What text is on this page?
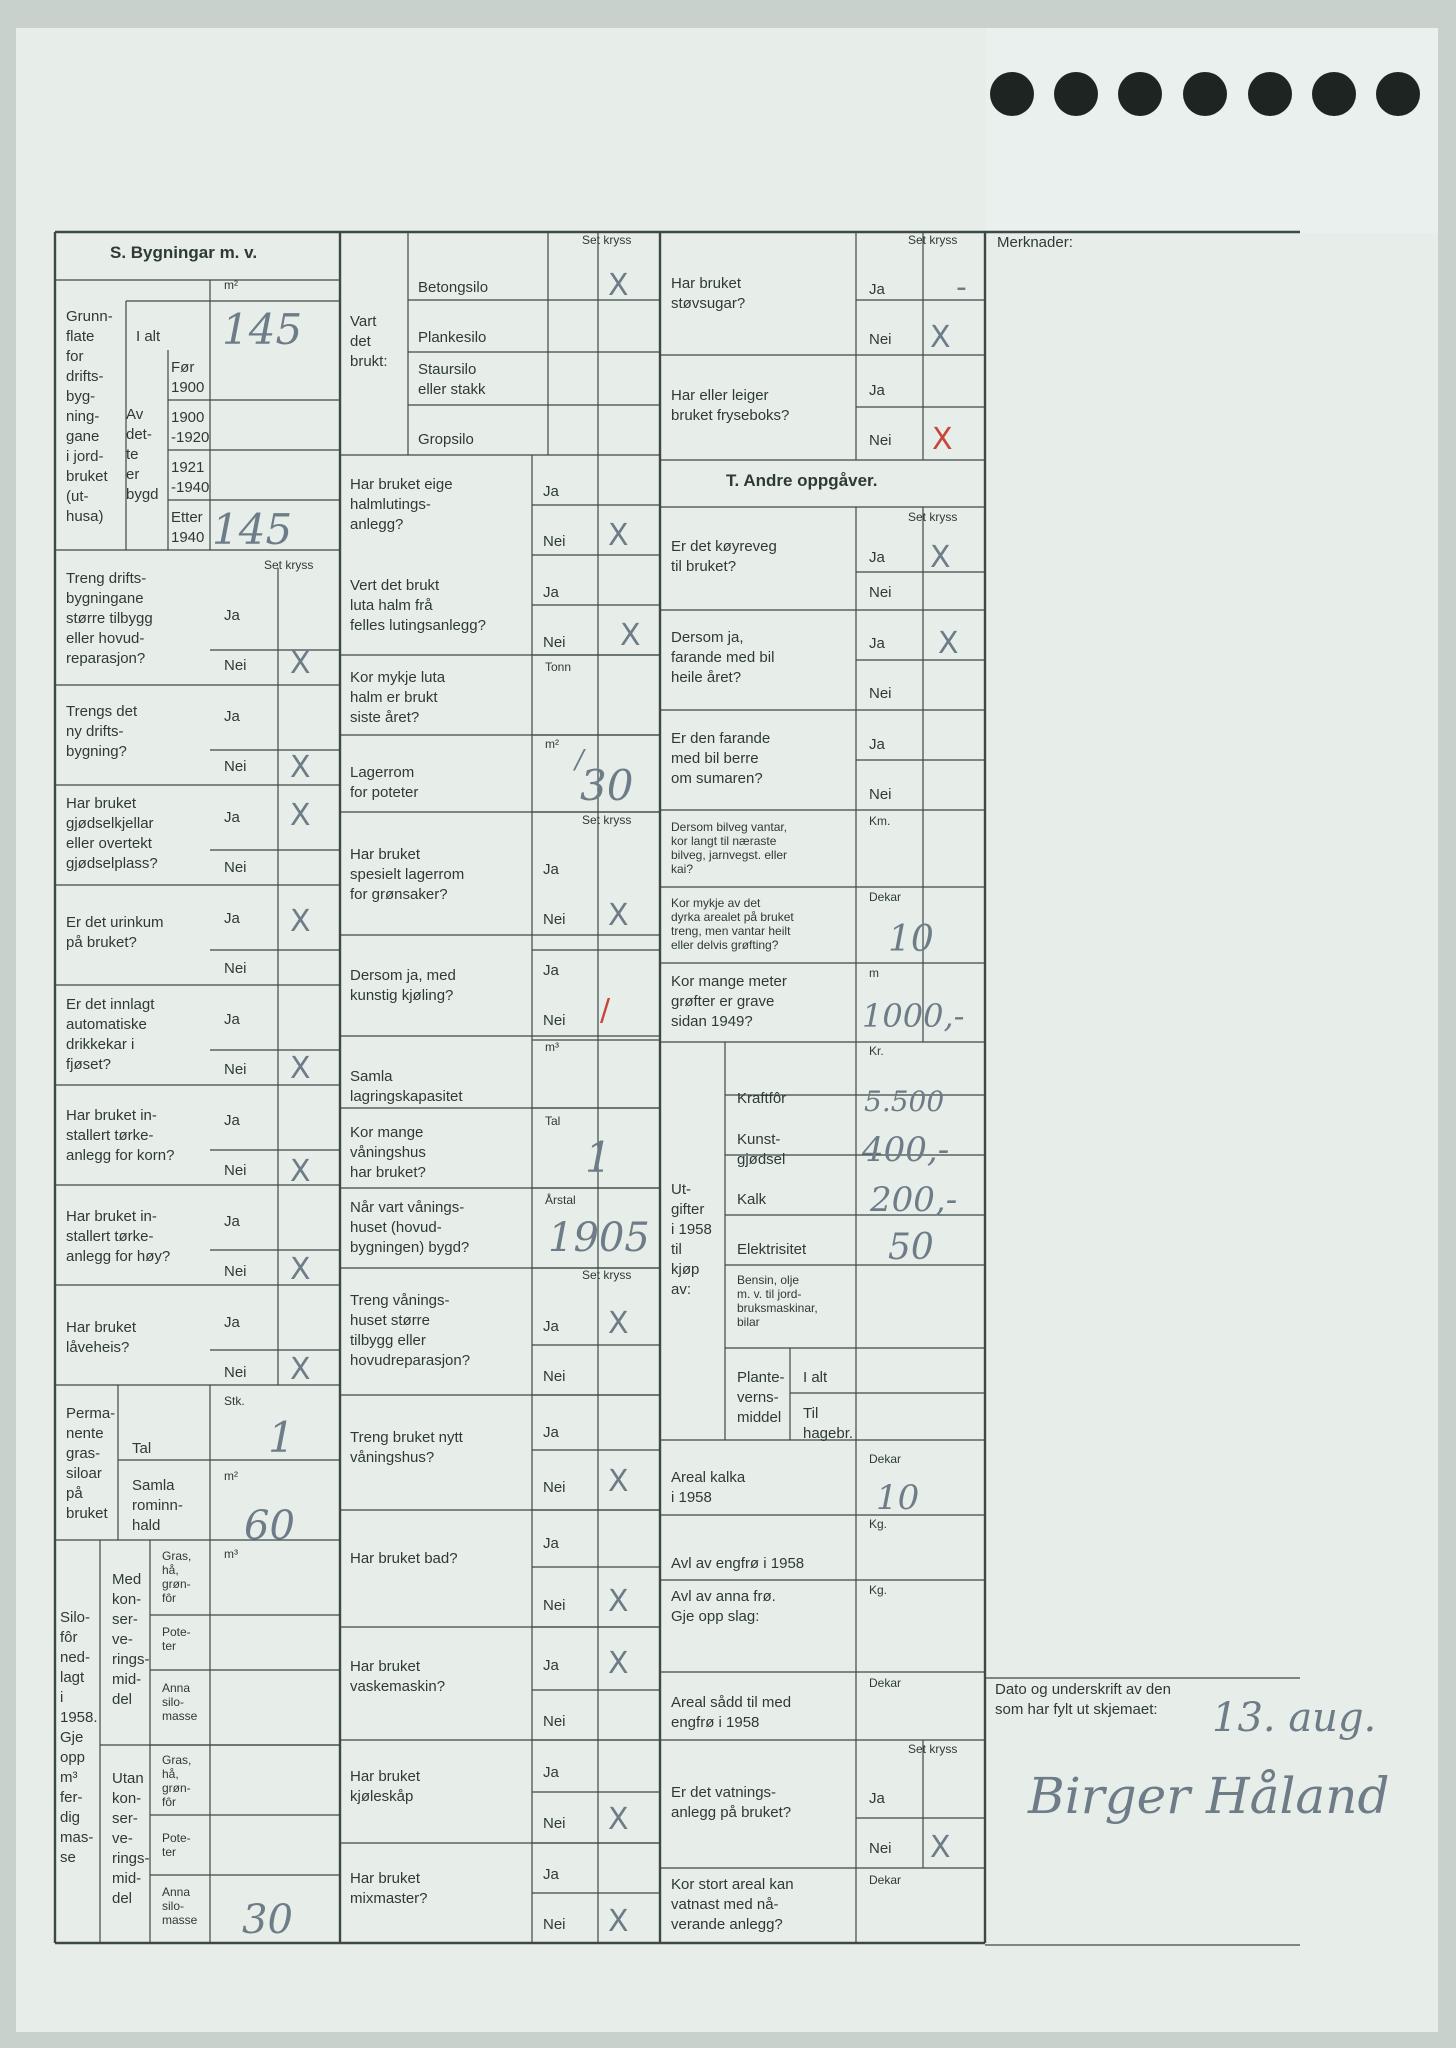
S. Bygningar m. v.
m²
Grunn-
flate
for
drifts-
byg-
ning-
gane
i jord-
bruket
(ut-
husa)
I alt
Før
1900
1900
-1920
1921
-1940
Etter
1940
Av
det-
te
er
bygd
Set kryss
Treng drifts-
bygningane
større tilbygg
eller hovud-
reparasjon?
Ja
Nei
Trengs det
ny drifts-
bygning?
Ja
Nei
Har bruket
gjødselkjellar
eller overtekt
gjødselplass?
Ja
Nei
Er det urinkum
på bruket?
Ja
Nei
Er det innlagt
automatiske
drikkekar i
fjøset?
Ja
Nei
Har bruket in-
stallert tørke-
anlegg for korn?
Ja
Nei
Har bruket in-
stallert tørke-
anlegg for høy?
Ja
Nei
Har bruket
låveheis?
Ja
Nei
Stk.
Perma-
nente
gras-
siloar
på
bruket
Tal
m²
Samla
rominn-
hald
m³
Silo-
fôr
ned-
lagt
i
1958.
Gje
opp
m³
fer-
dig
mas-
se
Med
kon-
ser-
ve-
rings-
mid-
del
Utan
kon-
ser-
ve-
rings-
mid-
del
Gras,
hå,
grøn-
fôr
Pote-
ter
Anna
silo-
masse
Gras,
hå,
grøn-
fôr
Pote-
ter
Anna
silo-
masse
Set kryss
Vart
det
brukt:
Betongsilo
Plankesilo
Staursilo
eller stakk
Gropsilo
Har bruket eige
halmlutings-
anlegg?
Ja
Nei
Vert det brukt
luta halm frå
felles lutingsanlegg?
Ja
Nei
Tonn
Kor mykje luta
halm er brukt
siste året?
m²
Lagerrom
for poteter
Set kryss
Har bruket
spesielt lagerrom
for grønsaker?
Ja
Nei
Dersom ja, med
kunstig kjøling?
Ja
Nei
m³
Samla
lagringskapasitet
Tal
Kor mange
våningshus
har bruket?
Årstal
Når vart vånings-
huset (hovud-
bygningen) bygd?
Set kryss
Treng vånings-
huset større
tilbygg eller
hovudreparasjon?
Ja
Nei
Treng bruket nytt
våningshus?
Ja
Nei
Har bruket bad?
Ja
Nei
Har bruket
vaskemaskin?
Ja
Nei
Har bruket
kjøleskåp
Ja
Nei
Har bruket
mixmaster?
Ja
Nei
Set kryss
Har bruket
støvsugar?
Ja
Nei
Har eller leiger
bruket fryseboks?
Ja
Nei
T. Andre oppgåver.
Set kryss
Er det køyreveg
til bruket?
Ja
Nei
Dersom ja,
farande med bil
heile året?
Ja
Nei
Er den farande
med bil berre
om sumaren?
Ja
Nei
Dersom bilveg vantar,
kor langt til næraste
bilveg, jarnvegst. eller
kai?
Km.
Kor mykje av det
dyrka arealet på bruket
treng, men vantar heilt
eller delvis grøfting?
Dekar
Kor mange meter
grøfter er grave
sidan 1949?
m
Kr.
Ut-
gifter
i 1958
til
kjøp
av:
Kraftfôr
Kunst-
gjødsel
Kalk
Elektrisitet
Bensin, olje
m. v. til jord-
bruksmaskinar,
bilar
Plante-
verns-
middel
I alt
Til
hagebr.
Dekar
Areal kalka
i 1958
Kg.
Avl av engfrø i 1958
Kg.
Avl av anna frø.
Gje opp slag:
Dekar
Areal sådd til med
engfrø i 1958
Set kryss
Er det vatnings-
anlegg på bruket?
Ja
Nei
Dekar
Kor stort areal kan
vatnast med nå-
verande anlegg?
Merknader:
Dato og underskrift av den
som har fylt ut skjemaet:
145
145
X
X
X
/
30
X
/
1
1905
X
X
X
X
X
X
X
X
X
X
X
X
X
X
1
60
30
-
X
X
X
X
10
1000,-
5.500
400,-
200,-
50
10
X
13. aug.
Birger Håland
